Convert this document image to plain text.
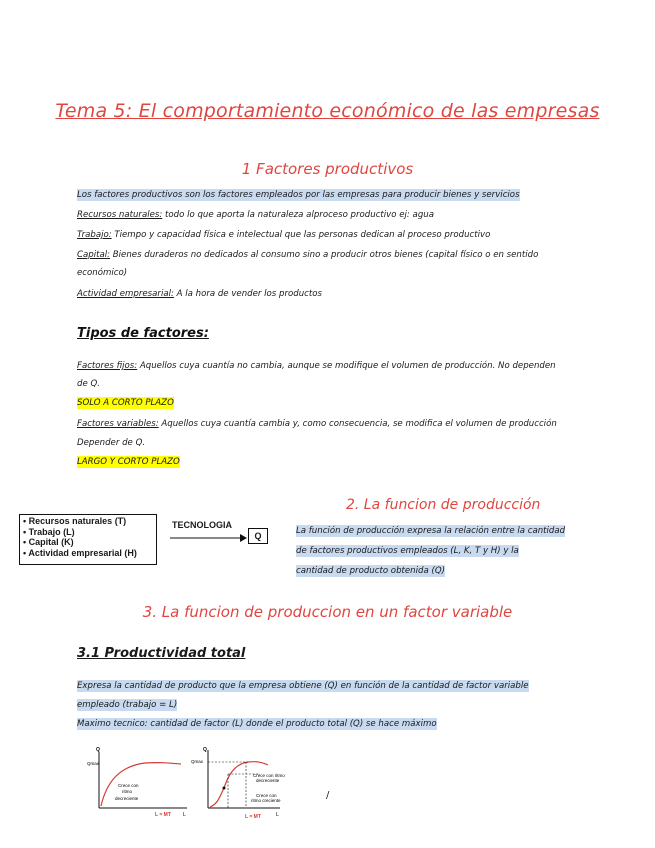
Tema 5: El comportamiento económico de las empresas
1 Factores productivos
Los factores productivos son los factores empleados por las empresas para producir bienes y servicios
Recursos naturales: todo lo que aporta la naturaleza alproceso productivo ej: agua
Trabajo: Tiempo y capacidad física e intelectual que las personas dedican al proceso productivo
Capital: Bienes duraderos no dedicados al consumo sino a producir otros bienes (capital físico o en sentido
económico)
Actividad empresarial: A la hora de vender los productos
Tipos de factores:
Factores fijos: Aquellos cuya cuantía no cambia, aunque se modifique el volumen de producción. No dependen
de Q.
SOLO A CORTO PLAZO
Factores variables: Aquellos cuya cuantía cambia y, como consecuencia, se modifica el volumen de producción
Depender de Q.
LARGO Y CORTO PLAZO
• Recursos naturales (T)
• Trabajo (L)
• Capital (K)
• Actividad empresarial (H)
TECNOLOGIA
Q
2. La funcion de producción
La función de producción expresa la relación entre la cantidad
de factores productivos empleados (L, K, T y H) y la
cantidad de producto obtenida (Q)
3. La funcion de produccion en un factor variable
3.1 Productividad total
Expresa la cantidad de producto que la empresa obtiene (Q) en función de la cantidad de factor variable
empleado (trabajo = L)
Maximo tecnico: cantidad de factor (L) donde el producto total (Q) se hace máximo
Q
Qmax
Crece con
ritmo
decreciente
L = MT L
Q
Qmax
Crece con ritmo
decreciente
Crece con
ritmo creciente
L = MT	L
/
